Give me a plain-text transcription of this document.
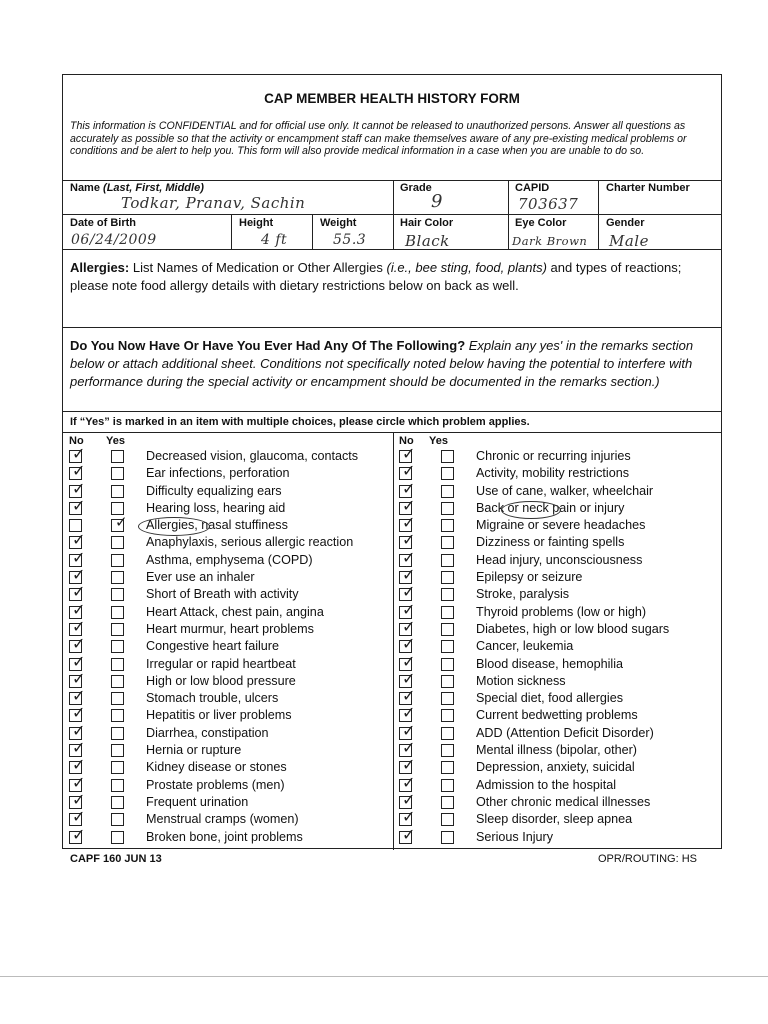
CAP MEMBER HEALTH HISTORY FORM
This information is CONFIDENTIAL and for official use only. It cannot be released to unauthorized persons. Answer all questions as accurately as possible so that the activity or encampment staff can make themselves aware of any pre-existing medical problems or conditions and be alert to help you. This form will also provide medical information in a case when you are unable to do so.
Name (Last, First, Middle)
Todkar, Pranav, Sachin
Grade
9
CAPID
703637
Charter Number
Date of Birth
06/24/2009
Height
4 ft
Weight
55.3
Hair Color
Black
Eye Color
Dark Brown
Gender
Male
Allergies: List Names of Medication or Other Allergies (i.e., bee sting, food, plants) and types of reactions; please note food allergy details with dietary restrictions below on back as well.
Do You Now Have Or Have You Ever Had Any Of The Following? Explain any yes' in the remarks section below or attach additional sheet. Conditions not specifically noted below having the potential to interfere with performance during the special activity or encampment should be documented in the remarks section.)
If “Yes” is marked in an item with multiple choices, please circle which problem applies.
No Yes	No Yes
Decreased vision, glaucoma, contacts
✓
Ear infections, perforation
✓
Difficulty equalizing ears
✓
Hearing loss, hearing aid
✓
Allergies, nasal stuffiness
✓
Anaphylaxis, serious allergic reaction
✓
Asthma, emphysema (COPD)
✓
Ever use an inhaler
✓
Short of Breath with activity
✓
Heart Attack, chest pain, angina
✓
Heart murmur, heart problems
✓
Congestive heart failure
✓
Irregular or rapid heartbeat
✓
High or low blood pressure
✓
Stomach trouble, ulcers
✓
Hepatitis or liver problems
✓
Diarrhea, constipation
✓
Hernia or rupture
✓
Kidney disease or stones
✓
Prostate problems (men)
✓
Frequent urination
✓
Menstrual cramps (women)
✓
Broken bone, joint problems
✓
Chronic or recurring injuries
✓
Activity, mobility restrictions
✓
Use of cane, walker, wheelchair
✓
Back or neck pain or injury
✓
Migraine or severe headaches
✓
Dizziness or fainting spells
✓
Head injury, unconsciousness
✓
Epilepsy or seizure
✓
Stroke, paralysis
✓
Thyroid problems (low or high)
✓
Diabetes, high or low blood sugars
✓
Cancer, leukemia
✓
Blood disease, hemophilia
✓
Motion sickness
✓
Special diet, food allergies
✓
Current bedwetting problems
✓
ADD (Attention Deficit Disorder)
✓
Mental illness (bipolar, other)
✓
Depression, anxiety, suicidal
✓
Admission to the hospital
✓
Other chronic medical illnesses
✓
Sleep disorder, sleep apnea
✓
Serious Injury
✓
CAPF 160 JUN 13	OPR/ROUTING: HS
